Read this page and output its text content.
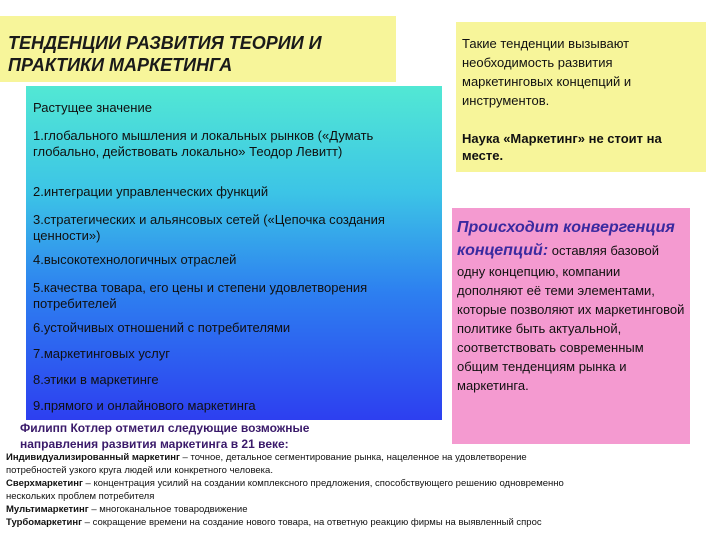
ТЕНДЕНЦИИ РАЗВИТИЯ ТЕОРИИ И ПРАКТИКИ МАРКЕТИНГА
Растущее значение
1.глобального мышления и локальных рынков («Думать глобально, действовать локально» Теодор Левитт)
2.интеграции управленческих функций
3.стратегических и альянсовых сетей («Цепочка создания ценности»)
4.высокотехнологичных отраслей
5.качества товара, его цены и степени удовлетворения потребителей
6.устойчивых отношений с потребителями
7.маркетинговых услуг
8.этики в маркетинге
9.прямого и онлайнового маркетинга
Такие тенденции вызывают необходимость развития маркетинговых концепций и инструментов.
Наука «Маркетинг» не стоит на месте.
Происходит конвергенция концепций: оставляя базовой одну концепцию, компании дополняют её теми элементами, которые позволяют их маркетинговой политике быть актуальной, соответствовать современным общим тенденциям рынка и маркетинга.
Филипп Котлер отметил следующие возможные направления развития маркетинга в 21 веке:

Индивидуализированный маркетинг – точное, детальное сегментирование рынка, нацеленное на удовлетворение

потребностей узкого круга людей или конкретного человека.

Сверхмаркетинг – концентрация усилий на создании комплексного предложения, способствующего решению одновременно

нескольких проблем потребителя

Мультимаркетинг – многоканальное товародвижение

Турбомаркетинг – сокращение времени на создание нового товара, на ответную реакцию фирмы на выявленный спрос
